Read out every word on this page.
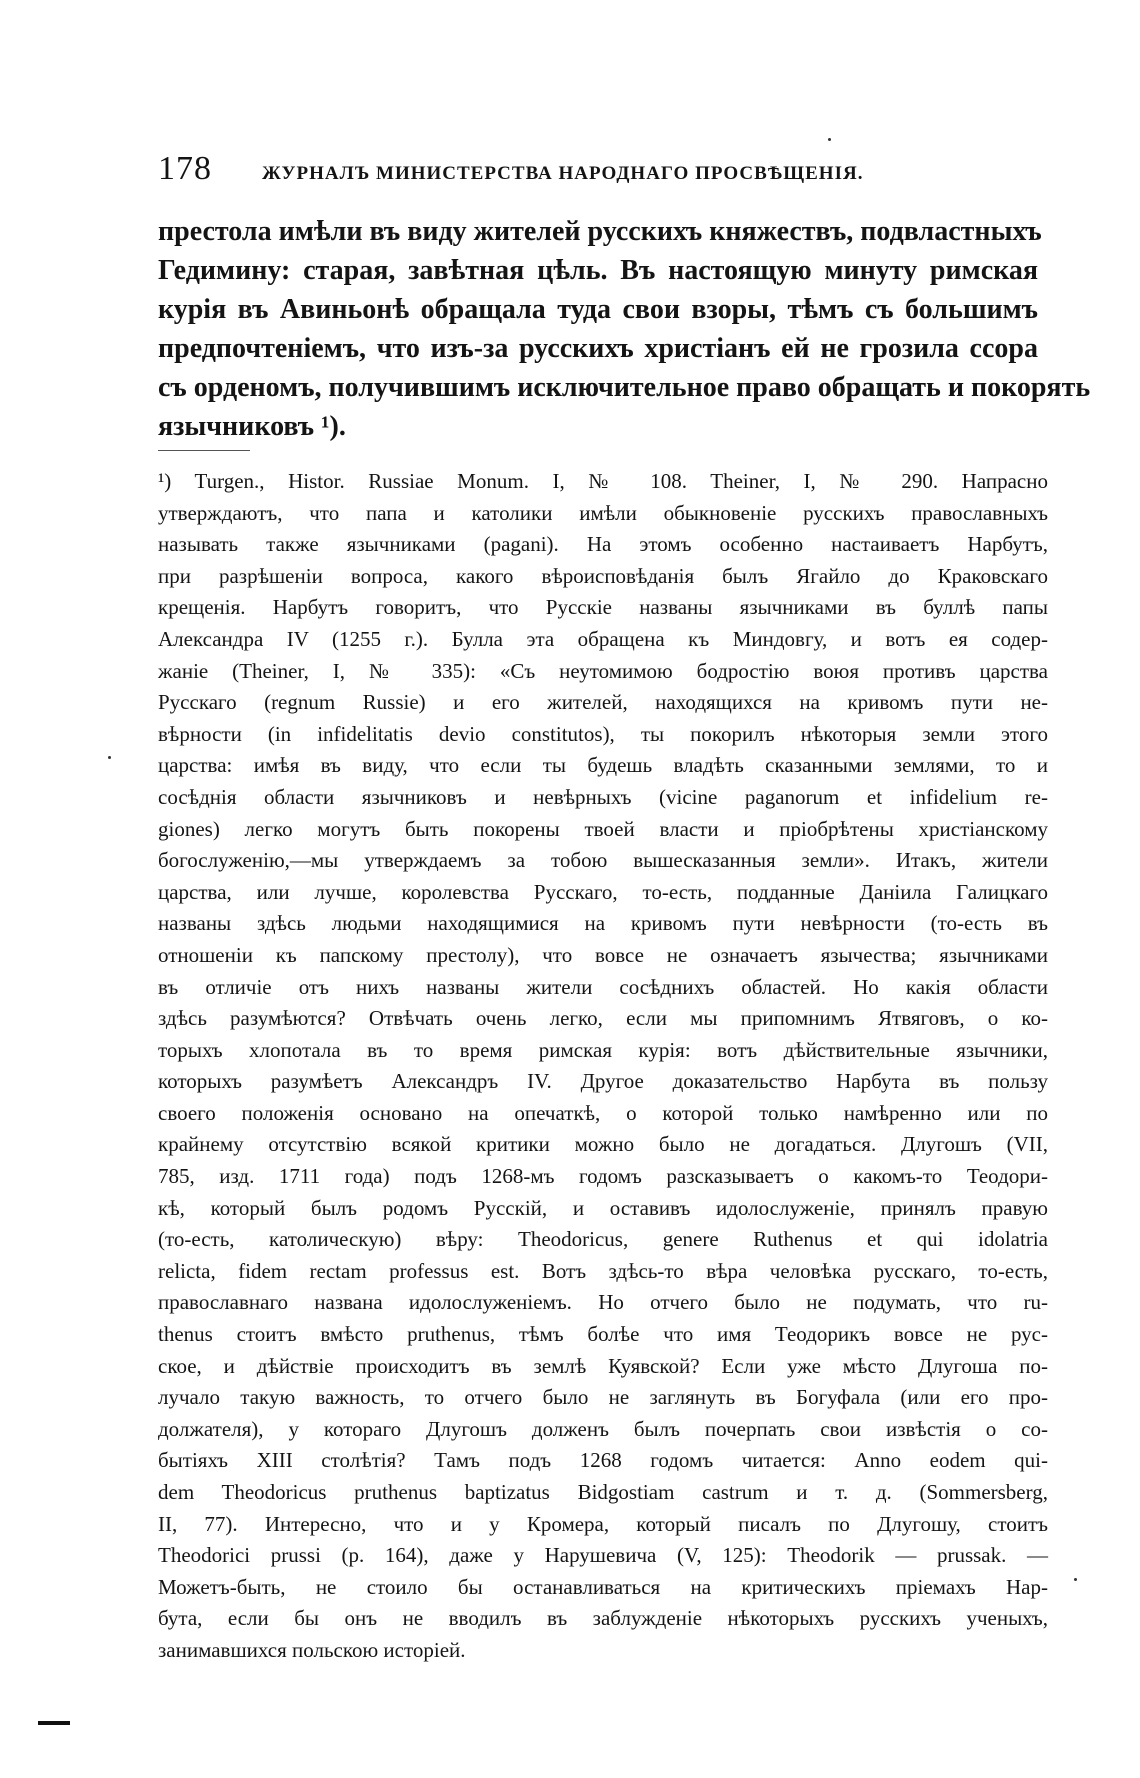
178	ЖУРНАЛЪ МИНИСТЕРСТВА НАРОДНАГО ПРОСВѢЩЕНІЯ.
престола имѣли въ виду жителей русскихъ княжествъ, подвластныхъ
Гедимину: старая, завѣтная цѣль. Въ настоящую минуту римская
курія въ Авиньонѣ обращала туда свои взоры, тѣмъ съ большимъ
предпочтеніемъ, что изъ-за русскихъ христіанъ ей не грозила ссора
съ орденомъ, получившимъ исключительное право обращать и покорять
язычниковъ ¹).
¹) Turgen., Histor. Russiae Monum. I, № 108. Theiner, I, № 290. Напрасно
утверждаютъ, что папа и католики имѣли обыкновеніе русскихъ православныхъ
называть также язычниками (pagani). На этомъ особенно настаиваетъ Нарбутъ,
при разрѣшеніи вопроса, какого вѣроисповѣданія былъ Ягайло до Краковскаго
крещенія. Нарбутъ говоритъ, что Русскіе названы язычниками въ буллѣ папы
Александра IV (1255 г.). Булла эта обращена къ Миндовгу, и вотъ ея содер-
жаніе (Theiner, I, № 335): «Съ неутомимою бодростію воюя противъ царства
Русскаго (regnum Russie) и его жителей, находящихся на кривомъ пути не-
вѣрности (in infidelitatis devio constitutos), ты покорилъ нѣкоторыя земли этого
царства: имѣя въ виду, что если ты будешь владѣть сказанными землями, то и
сосѣднія области язычниковъ и невѣрныхъ (vicine paganorum et infidelium re-
giones) легко могутъ быть покорены твоей власти и пріобрѣтены христіанскому
богослуженію,—мы утверждаемъ за тобою вышесказанныя земли». Итакъ, жители
царства, или лучше, королевства Русскаго, то-есть, подданные Даніила Галицкаго
названы здѣсь людьми находящимися на кривомъ пути невѣрности (то-есть въ
отношеніи къ папскому престолу), что вовсе не означаетъ язычества; язычниками
въ отличіе отъ нихъ названы жители сосѣднихъ областей. Но какія области
здѣсь разумѣются? Отвѣчать очень легко, если мы припомнимъ Ятвяговъ, о ко-
торыхъ хлопотала въ то время римская курія: вотъ дѣйствительные язычники,
которыхъ разумѣетъ Александръ IV. Другое доказательство Нарбута въ пользу
своего положенія основано на опечаткѣ, о которой только намѣренно или по
крайнему отсутствію всякой критики можно было не догадаться. Длугошъ (VII,
785, изд. 1711 года) подъ 1268-мъ годомъ разсказываетъ о какомъ-то Теодори-
кѣ, который былъ родомъ Русскій, и оставивъ идолослуженіе, принялъ правую
(то-есть, католическую) вѣру: Theodoricus, genere Ruthenus et qui idolatria
relicta, fidem rectam professus est. Вотъ здѣсь-то вѣра человѣка русскаго, то-есть,
православнаго названа идолослуженіемъ. Но отчего было не подумать, что ru-
thenus стоитъ вмѣсто pruthenus, тѣмъ болѣе что имя Теодорикъ вовсе не рус-
ское, и дѣйствіе происходитъ въ землѣ Куявской? Если уже мѣсто Длугоша по-
лучало такую важность, то отчего было не заглянуть въ Богуфала (или его про-
должателя), у котораго Длугошъ долженъ былъ почерпать свои извѣстія о со-
бытіяхъ XIII столѣтія? Тамъ подъ 1268 годомъ читается: Anno eodem qui-
dem Theodoricus pruthenus baptizatus Bidgostiam castrum и т. д. (Sommersberg,
II, 77). Интересно, что и у Кромера, который писалъ по Длугошу, стоитъ
Theodorici prussi (р. 164), даже у Нарушевича (V, 125): Theodorik — prussak. —
Можетъ-быть, не стоило бы останавливаться на критическихъ пріемахъ Нар-
бута, если бы онъ не вводилъ въ заблужденіе нѣкоторыхъ русскихъ ученыхъ,
занимавшихся польскою исторіей.
